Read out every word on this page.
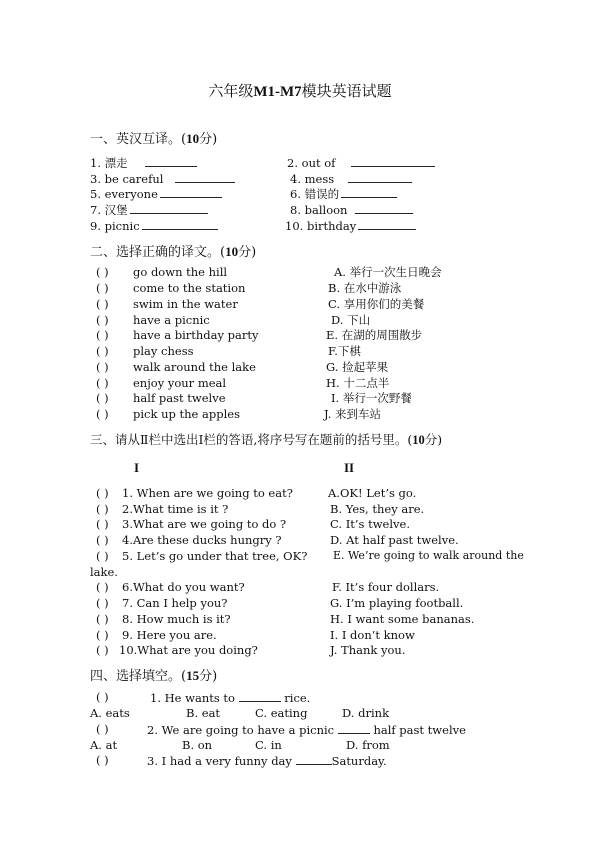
六年级M1-M7模块英语试题
一、英汉互译。(10分)
1. 漂走	2. out of
3. be careful	4. mess
5. everyone	6. 错误的
7. 汉堡	8. balloon
9. picnic	10. birthday
二、选择正确的译文。(10分)
( ) go down the hill	A. 举行一次生日晚会
( ) come to the station	B. 在水中游泳
( ) swim in the water	C. 享用你们的美餐
( ) have a picnic	D. 下山
( ) have a birthday party	E. 在湖的周围散步
( ) play chess	F.下棋
( ) walk around the lake	G. 捡起苹果
( ) enjoy your meal	H. 十二点半
( ) half past twelve	I. 举行一次野餐
( ) pick up the apples	J. 来到车站
三、请从Ⅱ栏中选出Ⅰ栏的答语,将序号写在题前的括号里。(10分)
I	II
( ) 1. When are we going to eat?	A.OK! Let’s go.
( ) 2.What time is it ?	B. Yes, they are.
( ) 3.What are we going to do ?	C. It’s twelve.
( ) 4.Are these ducks hungry ?	D. At half past twelve.
( ) 5. Let’s go under that tree, OK? E. We’re going to walk around the
lake.
( ) 6.What do you want?	F. It’s four dollars.
( ) 7. Can I help you?	G. I’m playing football.
( ) 8. How much is it?	H. I want some bananas.
( ) 9. Here you are.	I. I don’t know
( ) 10.What are you doing?	J. Thank you.
四、选择填空。(15分)
( )	1. He wants to	rice.
A. eats	B. eat	C. eating	D. drink
( )	2. We are going to have a picnic	half past twelve
A. at	B. on	C. in	D. from
( )	3. I had a very funny day	Saturday.
